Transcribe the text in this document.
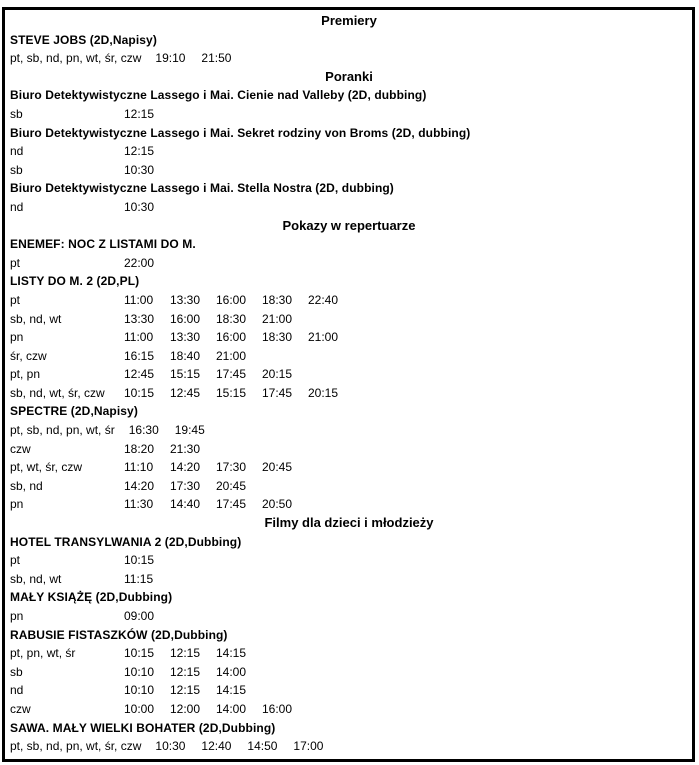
Premiery
STEVE JOBS (2D,Napisy)
pt, sb, nd, pn, wt, śr, czw 19:10 21:50
Poranki
Biuro Detektywistyczne Lassego i Mai. Cienie nad Valleby (2D, dubbing)
sb	12:15
Biuro Detektywistyczne Lassego i Mai. Sekret rodziny von Broms (2D, dubbing)
nd	12:15
sb	10:30
Biuro Detektywistyczne Lassego i Mai. Stella Nostra (2D, dubbing)
nd	10:30
Pokazy w repertuarze
ENEMEF: NOC Z LISTAMI DO M.
pt	22:00
LISTY DO M. 2 (2D,PL)
pt	11:00 13:30 16:00 18:30 22:40
sb, nd, wt	13:30 16:00 18:30 21:00
pn	11:00 13:30 16:00 18:30 21:00
śr, czw	16:15 18:40 21:00
pt, pn	12:45 15:15 17:45 20:15
sb, nd, wt, śr, czw 10:15 12:45 15:15 17:45 20:15
SPECTRE (2D,Napisy)
pt, sb, nd, pn, wt, śr 16:30 19:45
czw	18:20 21:30
pt, wt, śr, czw	11:10 14:20 17:30 20:45
sb, nd	14:20 17:30 20:45
pn	11:30 14:40 17:45 20:50
Filmy dla dzieci i młodzieży
HOTEL TRANSYLWANIA 2 (2D,Dubbing)
pt	10:15
sb, nd, wt	11:15
MAŁY KSIĄŻĘ (2D,Dubbing)
pn	09:00
RABUSIE FISTASZKÓW (2D,Dubbing)
pt, pn, wt, śr	10:15 12:15 14:15
sb	10:10 12:15 14:00
nd	10:10 12:15 14:15
czw	10:00 12:00 14:00 16:00
SAWA. MAŁY WIELKI BOHATER (2D,Dubbing)
pt, sb, nd, pn, wt, śr, czw 10:30 12:40 14:50 17:00
